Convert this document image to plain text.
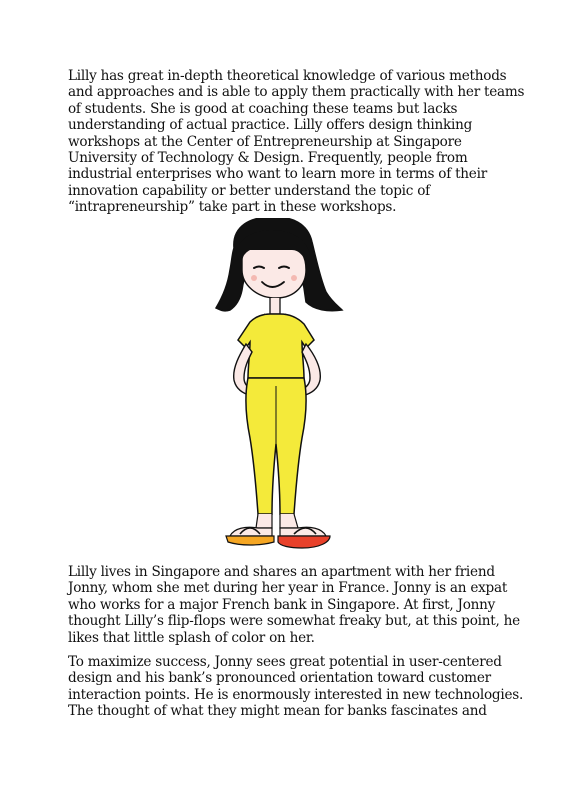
Lilly has great in-depth theoretical knowledge of various methods
and approaches and is able to apply them practically with her teams
of students. She is good at coaching these teams but lacks
understanding of actual practice. Lilly offers design thinking
workshops at the Center of Entrepreneurship at Singapore
University of Technology & Design. Frequently, people from
industrial enterprises who want to learn more in terms of their
innovation capability or better understand the topic of
“intrapreneurship” take part in these workshops.

Lilly lives in Singapore and shares an apartment with her friend
Jonny, whom she met during her year in France. Jonny is an expat
who works for a major French bank in Singapore. At first, Jonny
thought Lilly’s flip-flops were somewhat freaky but, at this point, he
likes that little splash of color on her.

To maximize success, Jonny sees great potential in user-centered
design and his bank’s pronounced orientation toward customer
interaction points. He is enormously interested in new technologies.
The thought of what they might mean for banks fascinates and
